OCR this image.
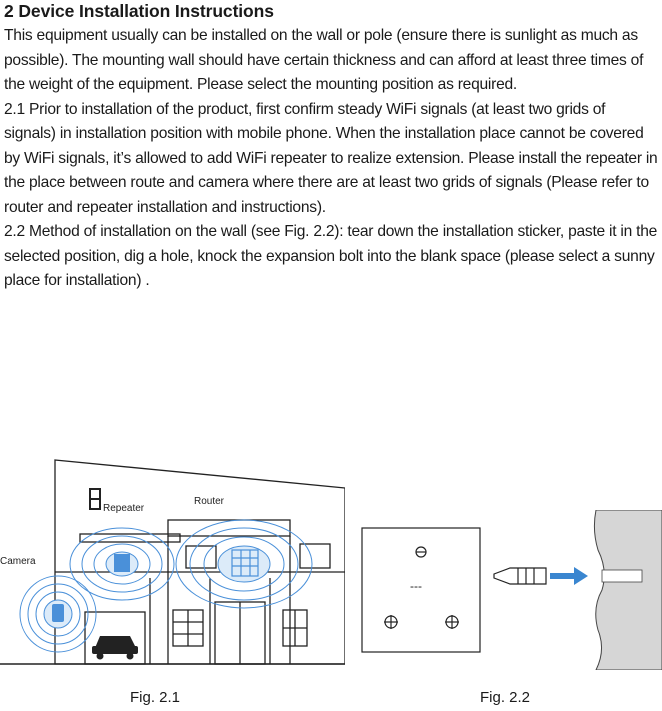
2 Device Installation Instructions

This equipment usually can be installed on the wall or pole (ensure there is sunlight as much as possible). The mounting wall should have certain thickness and can afford at least three times of the weight of the equipment. Please select the mounting position as required.

2.1 Prior to installation of the product, first confirm steady WiFi signals (at least two grids of signals) in installation position with mobile phone. When the installation place cannot be covered by WiFi signals, it’s allowed to add WiFi repeater to realize extension. Please install the repeater in the place between route and camera where there are at least two grids of signals (Please refer to router and repeater installation and instructions).

2.2 Method of installation on the wall (see Fig. 2.2): tear down the installation sticker, paste it in the selected position, dig a hole, knock the expansion bolt into the blank space (please select a sunny place for installation) .

Repeater
Router
Camera
---
Fig. 2.1	Fig. 2.2
